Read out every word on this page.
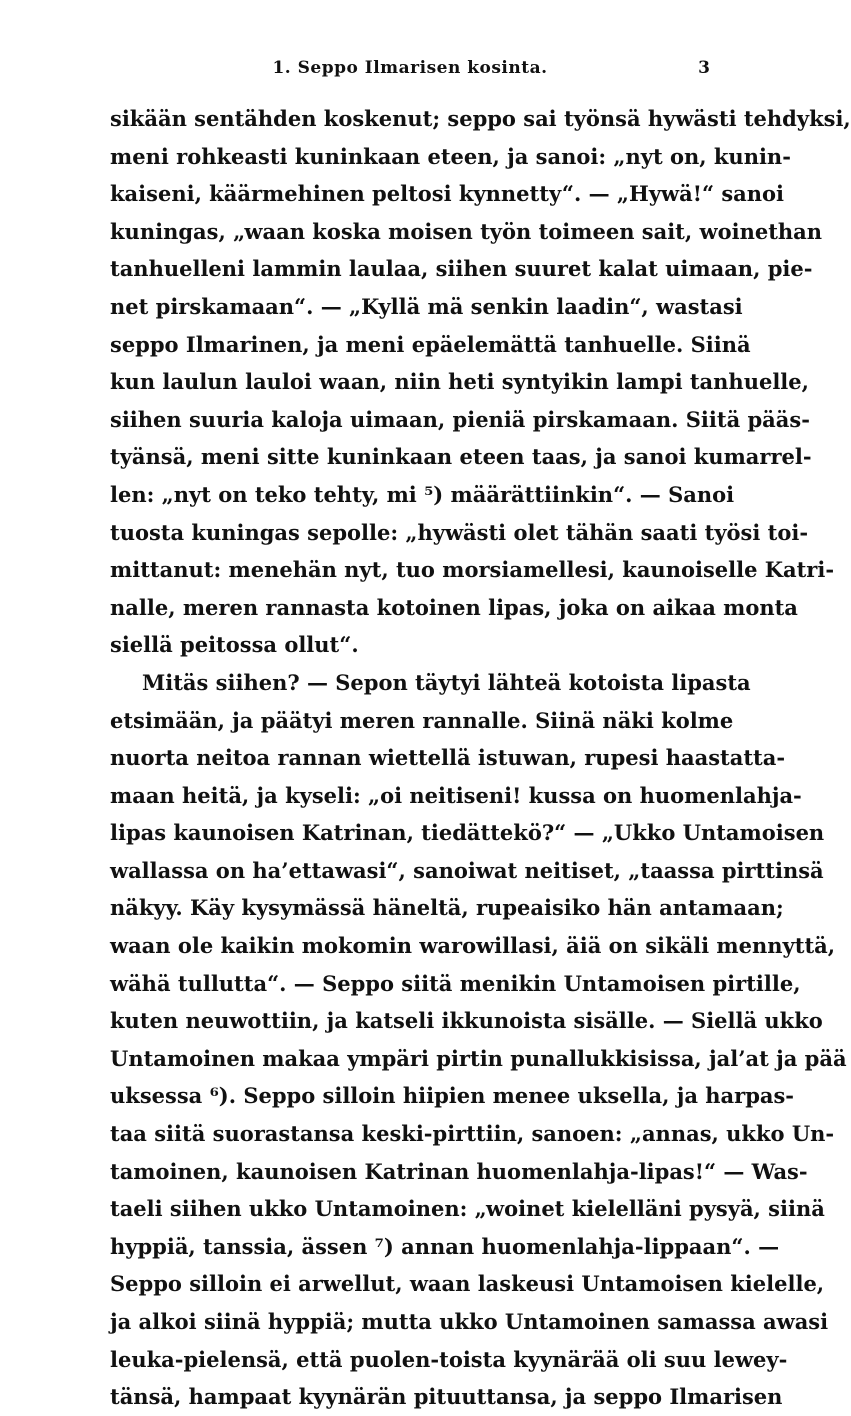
1. Seppo Ilmarisen kosinta.	3
sikään sentähden koskenut; seppo sai työnsä hywästi tehdyksi,
meni rohkeasti kuninkaan eteen, ja sanoi: „nyt on, kunin-
kaiseni, käärmehinen peltosi kynnetty“. — „Hywä!“ sanoi
kuningas, „waan koska moisen työn toimeen sait, woinethan
tanhuelleni lammin laulaa, siihen suuret kalat uimaan, pie-
net pirskamaan“. — „Kyllä mä senkin laadin“, wastasi
seppo Ilmarinen, ja meni epäelemättä tanhuelle. Siinä
kun laulun lauloi waan, niin heti syntyikin lampi tanhuelle,
siihen suuria kaloja uimaan, pieniä pirskamaan. Siitä pääs-
tyänsä, meni sitte kuninkaan eteen taas, ja sanoi kumarrel-
len: „nyt on teko tehty, mi ⁵) määrättiinkin“. — Sanoi
tuosta kuningas sepolle: „hywästi olet tähän saati työsi toi-
mittanut: menehän nyt, tuo morsiamellesi, kaunoiselle Katri-
nalle, meren rannasta kotoinen lipas, joka on aikaa monta
siellä peitossa ollut“.
Mitäs siihen? — Sepon täytyi lähteä kotoista lipasta
etsimään, ja päätyi meren rannalle. Siinä näki kolme
nuorta neitoa rannan wiettellä istuwan, rupesi haastatta-
maan heitä, ja kyseli: „oi neitiseni! kussa on huomenlahja-
lipas kaunoisen Katrinan, tiedättekö?“ — „Ukko Untamoisen
wallassa on ha’ettawasi“, sanoiwat neitiset, „taassa pirttinsä
näkyy. Käy kysymässä häneltä, rupeaisiko hän antamaan;
waan ole kaikin mokomin warowillasi, äiä on sikäli mennyttä,
wähä tullutta“. — Seppo siitä menikin Untamoisen pirtille,
kuten neuwottiin, ja katseli ikkunoista sisälle. — Siellä ukko
Untamoinen makaa ympäri pirtin punallukkisissa, jal’at ja pää
uksessa ⁶). Seppo silloin hiipien menee uksella, ja harpas-
taa siitä suorastansa keski-pirttiin, sanoen: „annas, ukko Un-
tamoinen, kaunoisen Katrinan huomenlahja-lipas!“ — Was-
taeli siihen ukko Untamoinen: „woinet kielelläni pysyä, siinä
hyppiä, tanssia, ässen ⁷) annan huomenlahja-lippaan“. —
Seppo silloin ei arwellut, waan laskeusi Untamoisen kielelle,
ja alkoi siinä hyppiä; mutta ukko Untamoinen samassa awasi
leuka-pielensä, että puolen-toista kyynärää oli suu lewey-
tänsä, hampaat kyynärän pituuttansa, ja seppo Ilmarisen
